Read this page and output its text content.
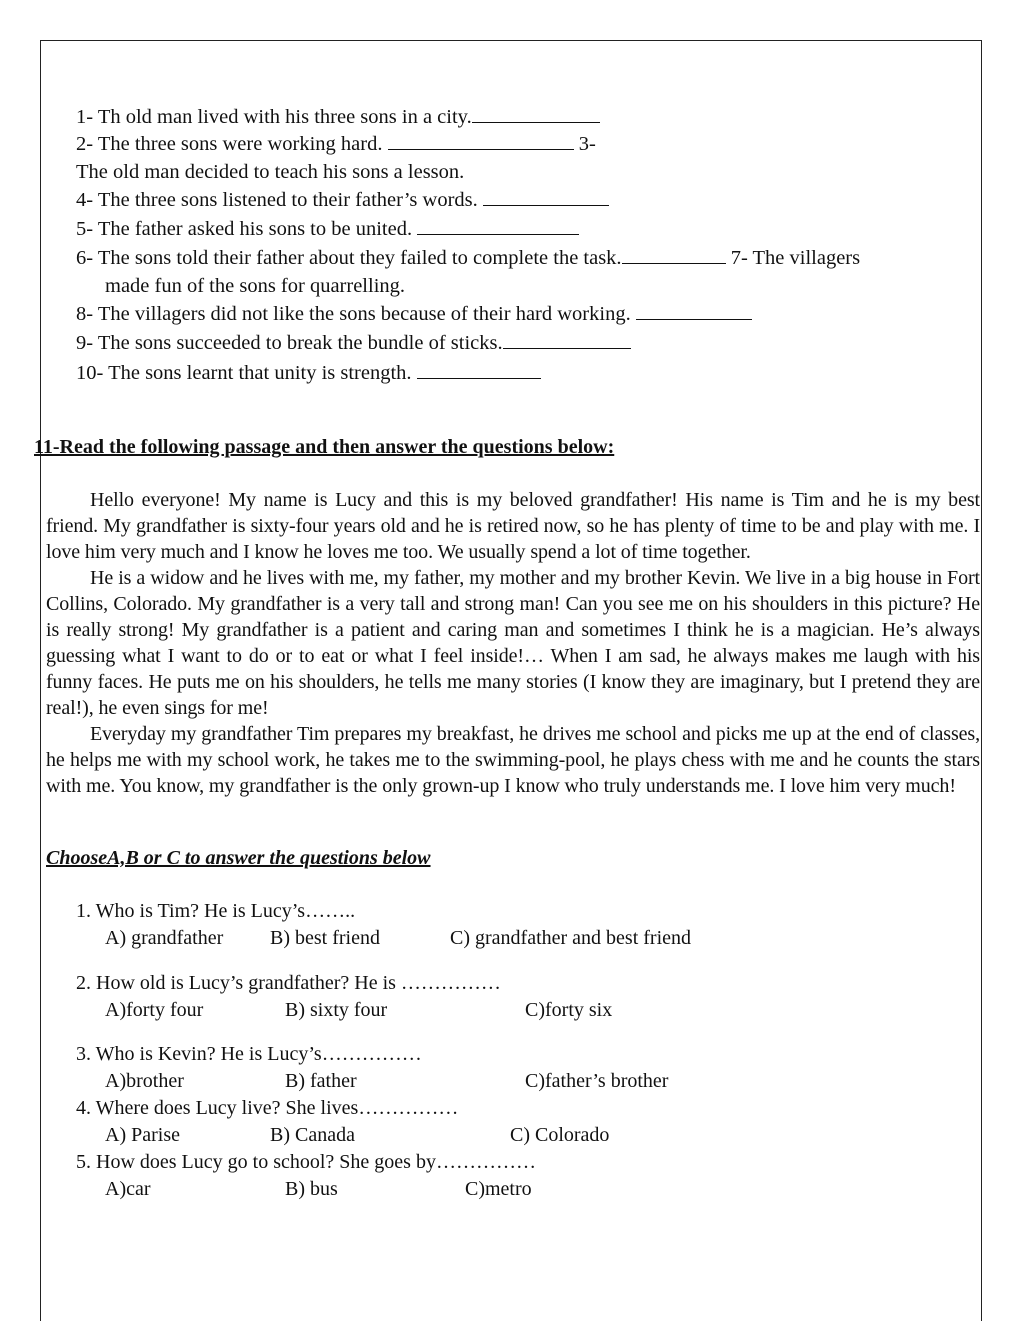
1- Th old man lived with his three sons in a city.
2- The three sons were working hard.	3-
The old man decided to teach his sons a lesson.
4- The three sons listened to their father’s words.
5- The father asked his sons to be united.
6- The sons told their father about they failed to complete the task.	7- The villagers
made fun of the sons for quarrelling.
8- The villagers did not like the sons because of their hard working.
9- The sons succeeded to break the bundle of sticks.
10- The sons learnt that unity is strength.
11-Read the following passage and then answer the questions below:

Hello everyone! My name is Lucy and this is my beloved grandfather! His name is Tim and he is my best friend. My grandfather is sixty-four years old and he is retired now, so he has plenty of time to be and play with me. I love him very much and I know he loves me too. We usually spend a lot of time together.

He is a widow and he lives with me, my father, my mother and my brother Kevin. We live in a big house in Fort Collins, Colorado. My grandfather is a very tall and strong man! Can you see me on his shoulders in this picture? He is really strong! My grandfather is a patient and caring man and sometimes I think he is a magician. He’s always guessing what I want to do or to eat or what I feel inside!… When I am sad, he always makes me laugh with his funny faces. He puts me on his shoulders, he tells me many stories (I know they are imaginary, but I pretend they are real!), he even sings for me!

Everyday my grandfather Tim prepares my breakfast, he drives me school and picks me up at the end of classes, he helps me with my school work, he takes me to the swimming-pool, he plays chess with me and he counts the stars with me. You know, my grandfather is the only grown-up I know who truly understands me. I love him very much!

ChooseA,B or C to answer the questions below
1. Who is Tim? He is Lucy’s……..
A) grandfather B) best friend	C) grandfather and best friend
2. How old is Lucy’s grandfather? He is ……………
A)forty four	B) sixty four	C)forty six
3. Who is Kevin? He is Lucy’s……………
A)brother	B) father	C)father’s brother
4. Where does Lucy live? She lives……………
A) Parise	B) Canada	C) Colorado
5. How does Lucy go to school? She goes by……………
A)car	B) bus	C)metro
